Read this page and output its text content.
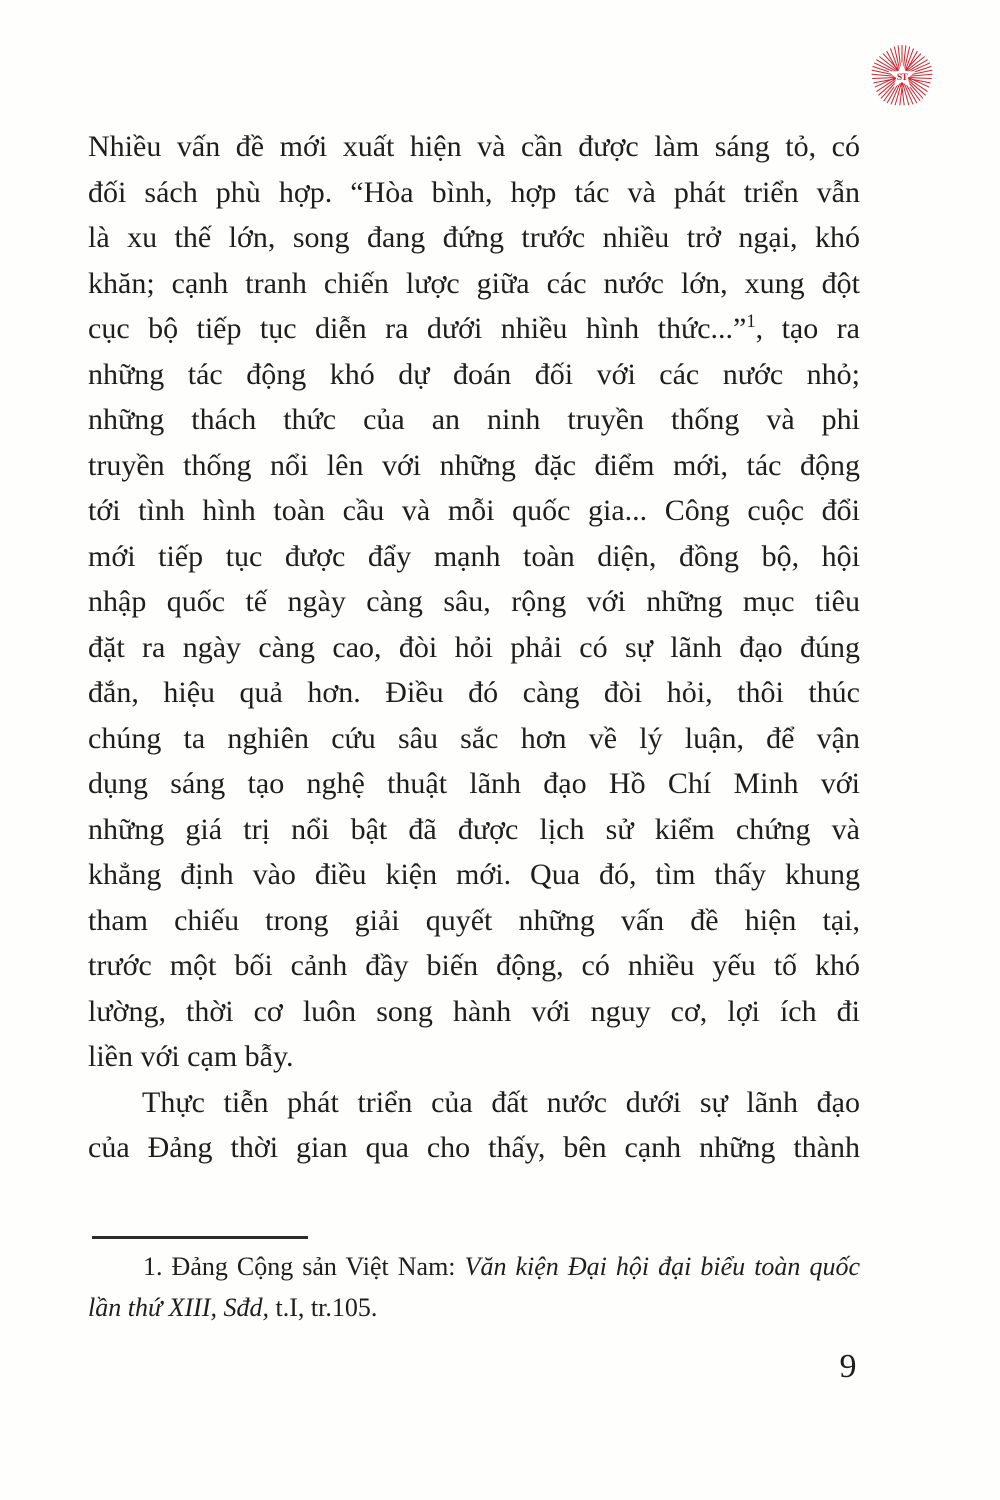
ST
Nhiều vấn đề mới xuất hiện và cần được làm sáng tỏ, có
đối sách phù hợp. “Hòa bình, hợp tác và phát triển vẫn
là xu thế lớn, song đang đứng trước nhiều trở ngại, khó
khăn; cạnh tranh chiến lược giữa các nước lớn, xung đột
cục bộ tiếp tục diễn ra dưới nhiều hình thức...”$^1$, tạo ra
những tác động khó dự đoán đối với các nước nhỏ;
những thách thức của an ninh truyền thống và phi
truyền thống nổi lên với những đặc điểm mới, tác động
tới tình hình toàn cầu và mỗi quốc gia... Công cuộc đổi
mới tiếp tục được đẩy mạnh toàn diện, đồng bộ, hội
nhập quốc tế ngày càng sâu, rộng với những mục tiêu
đặt ra ngày càng cao, đòi hỏi phải có sự lãnh đạo đúng
đắn, hiệu quả hơn. Điều đó càng đòi hỏi, thôi thúc
chúng ta nghiên cứu sâu sắc hơn về lý luận, để vận
dụng sáng tạo nghệ thuật lãnh đạo Hồ Chí Minh với
những giá trị nổi bật đã được lịch sử kiểm chứng và
khẳng định vào điều kiện mới. Qua đó, tìm thấy khung
tham chiếu trong giải quyết những vấn đề hiện tại,
trước một bối cảnh đầy biến động, có nhiều yếu tố khó
lường, thời cơ luôn song hành với nguy cơ, lợi ích đi
liền với cạm bẫy.
Thực tiễn phát triển của đất nước dưới sự lãnh đạo
của Đảng thời gian qua cho thấy, bên cạnh những thành
1. Đảng Cộng sản Việt Nam: Văn kiện Đại hội đại biểu toàn quốc
lần thứ XIII, Sđd, t.I, tr.105.
9
